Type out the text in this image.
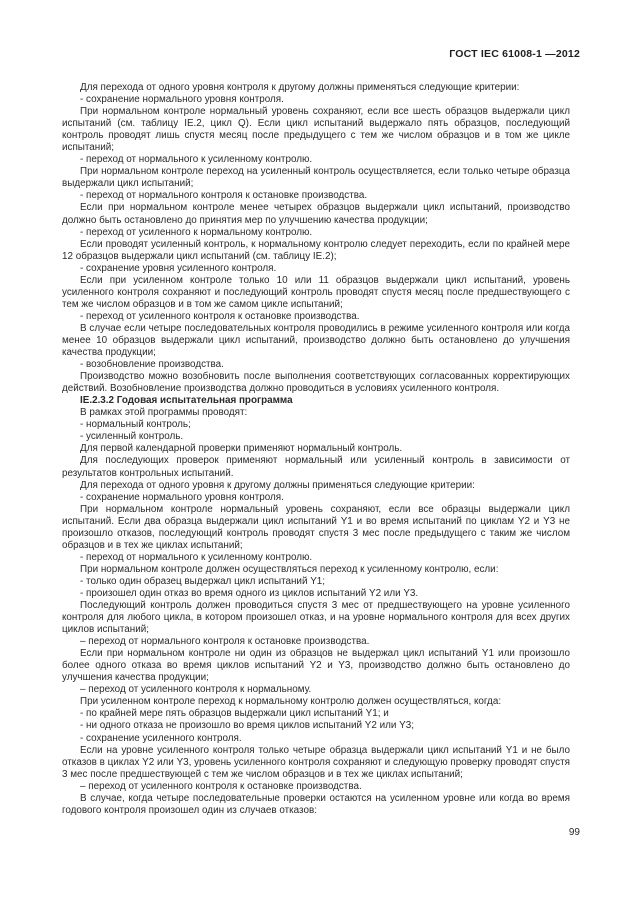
ГОСТ IEC 61008-1 —2012

Для перехода от одного уровня контроля к другому должны применяться следующие критерии:

- сохранение нормального уровня контроля.

При нормальном контроле нормальный уровень сохраняют, если все шесть образцов выдержали цикл испытаний (см. таблицу IE.2, цикл Q). Если цикл испытаний выдержало пять образцов, последующий контроль проводят лишь спустя месяц после предыдущего с тем же числом образцов и в том же цикле испытаний;

- переход от нормального к усиленному контролю.

При нормальном контроле переход на усиленный контроль осуществляется, если только четыре образца выдержали цикл испытаний;

- переход от нормального контроля к остановке производства.

Если при нормальном контроле менее четырех образцов выдержали цикл испытаний, производство должно быть остановлено до принятия мер по улучшению качества продукции;

- переход от усиленного к нормальному контролю.

Если проводят усиленный контроль, к нормальному контролю следует переходить, если по крайней мере 12 образцов выдержали цикл испытаний (см. таблицу IE.2);

- сохранение уровня усиленного контроля.

Если при усиленном контроле только 10 или 11 образцов выдержали цикл испытаний, уровень усиленного контроля сохраняют и последующий контроль проводят спустя месяц после предшествующего с тем же числом образцов и в том же самом цикле испытаний;

- переход от усиленного контроля к остановке производства.

В случае если четыре последовательных контроля проводились в режиме усиленного контроля или когда менее 10 образцов выдержали цикл испытаний, производство должно быть остановлено до улучшения качества продукции;

- возобновление производства.

Производство можно возобновить после выполнения соответствующих согласованных корректирующих действий. Возобновление производства должно проводиться в условиях усиленного контроля.

IE.2.3.2 Годовая испытательная программа

В рамках этой программы проводят:

- нормальный контроль;

- усиленный контроль.

Для первой календарной проверки применяют нормальный контроль.

Для последующих проверок применяют нормальный или усиленный контроль в зависимости от результатов контрольных испытаний.

Для перехода от одного уровня к другому должны применяться следующие критерии:

- сохранение нормального уровня контроля.

При нормальном контроле нормальный уровень сохраняют, если все образцы выдержали цикл испытаний. Если два образца выдержали цикл испытаний Y1 и во время испытаний по циклам Y2 и Y3 не произошло отказов, последующий контроль проводят спустя 3 мес после предыдущего с таким же числом образцов и в тех же циклах испытаний;

- переход от нормального к усиленному контролю.

При нормальном контроле должен осуществляться переход к усиленному контролю, если:

- только один образец выдержал цикл испытаний Y1;

- произошел один отказ во время одного из циклов испытаний Y2 или Y3.

Последующий контроль должен проводиться спустя 3 мес от предшествующего на уровне усиленного контроля для любого цикла, в котором произошел отказ, и на уровне нормального контроля для всех других циклов испытаний;

– переход от нормального контроля к остановке производства.

Если при нормальном контроле ни один из образцов не выдержал цикл испытаний Y1 или произошло более одного отказа во время циклов испытаний Y2 и Y3, производство должно быть остановлено до улучшения качества продукции;

– переход от усиленного контроля к нормальному.

При усиленном контроле переход к нормальному контролю должен осуществляться, когда:

- по крайней мере пять образцов выдержали цикл испытаний Y1; и

- ни одного отказа не произошло во время циклов испытаний Y2 или Y3;

- сохранение усиленного контроля.

Если на уровне усиленного контроля только четыре образца выдержали цикл испытаний Y1 и не было отказов в циклах Y2 или Y3, уровень усиленного контроля сохраняют и следующую проверку проводят спустя 3 мес после предшествующей с тем же числом образцов и в тех же циклах испытаний;

– переход от усиленного контроля к остановке производства.

В случае, когда четыре последовательные проверки остаются на усиленном уровне или когда во время годового контроля произошел один из случаев отказов:

99
